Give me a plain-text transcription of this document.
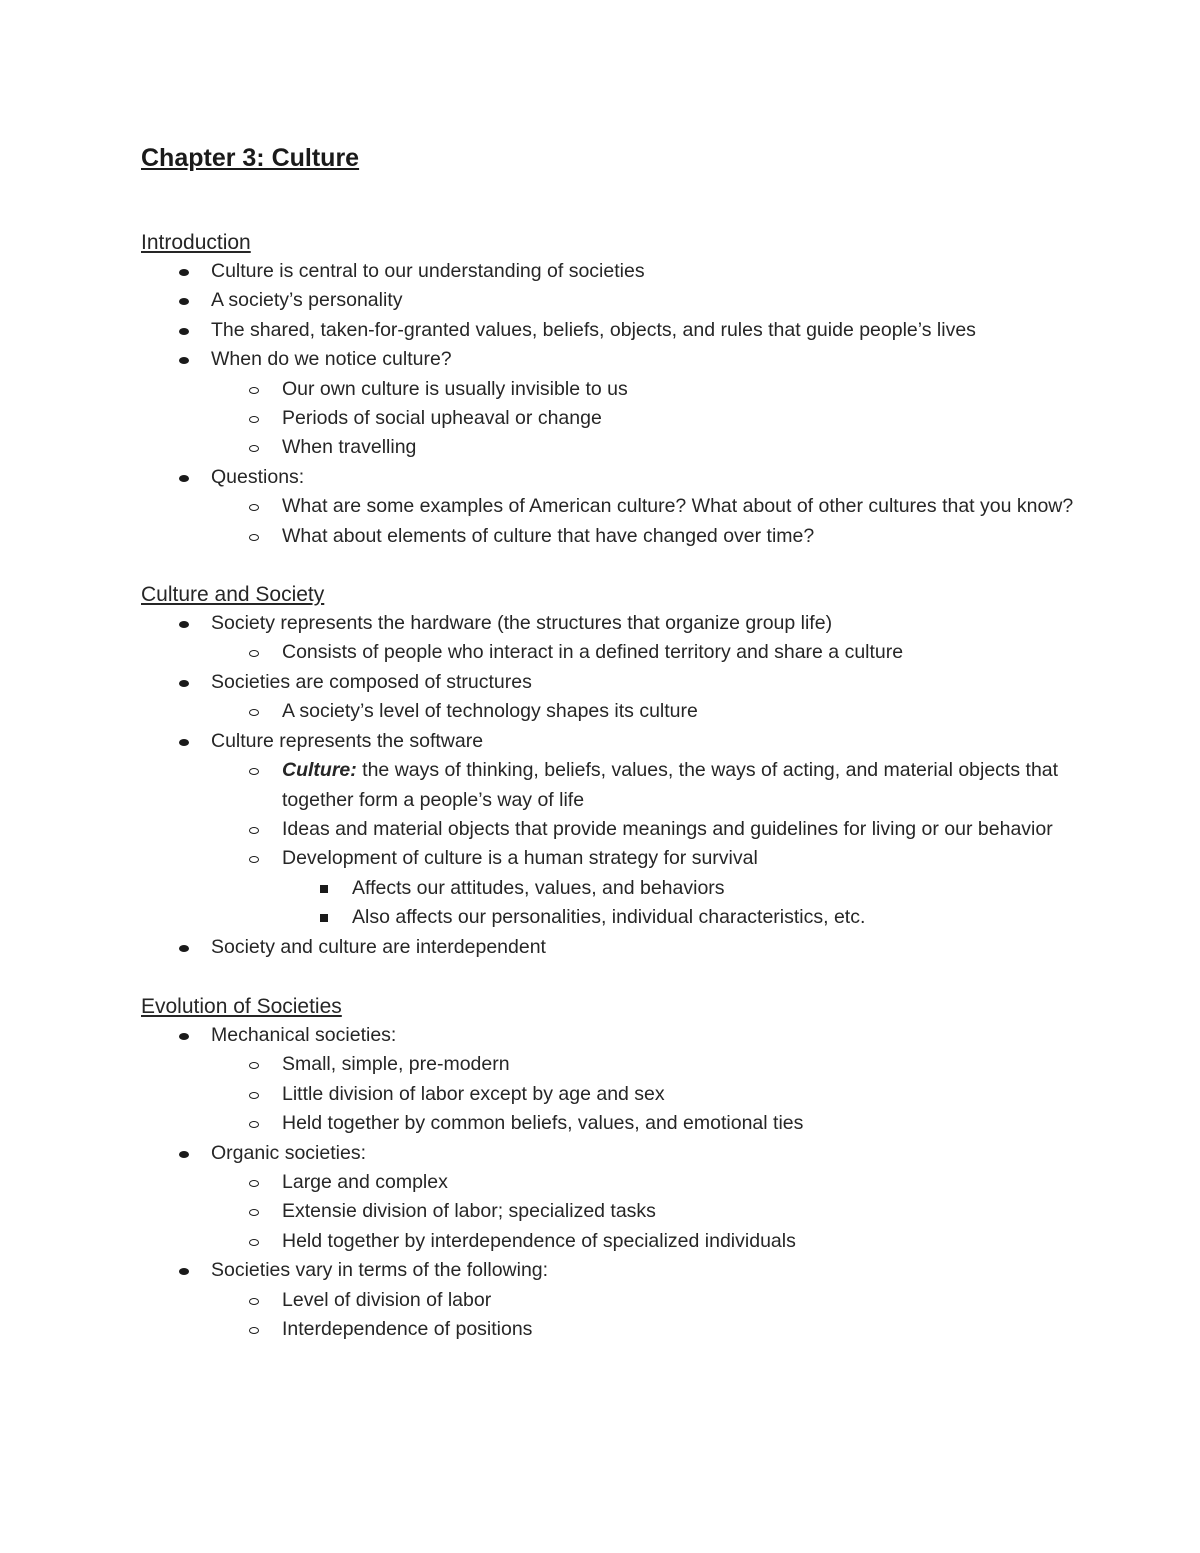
Chapter 3: Culture
Introduction
Culture is central to our understanding of societies
A society’s personality
The shared, taken-for-granted values, beliefs, objects, and rules that guide people’s lives
When do we notice culture?
Our own culture is usually invisible to us
Periods of social upheaval or change
When travelling
Questions:
What are some examples of American culture? What about of other cultures that you know?
What about elements of culture that have changed over time?
Culture and Society
Society represents the hardware (the structures that organize group life)
Consists of people who interact in a defined territory and share a culture
Societies are composed of structures
A society’s level of technology shapes its culture
Culture represents the software
Culture: the ways of thinking, beliefs, values, the ways of acting, and material objects that together form a people’s way of life
Ideas and material objects that provide meanings and guidelines for living or our behavior
Development of culture is a human strategy for survival
Affects our attitudes, values, and behaviors
Also affects our personalities, individual characteristics, etc.
Society and culture are interdependent
Evolution of Societies
Mechanical societies:
Small, simple, pre-modern
Little division of labor except by age and sex
Held together by common beliefs, values, and emotional ties
Organic societies:
Large and complex
Extensie division of labor; specialized tasks
Held together by interdependence of specialized individuals
Societies vary in terms of the following:
Level of division of labor
Interdependence of positions
